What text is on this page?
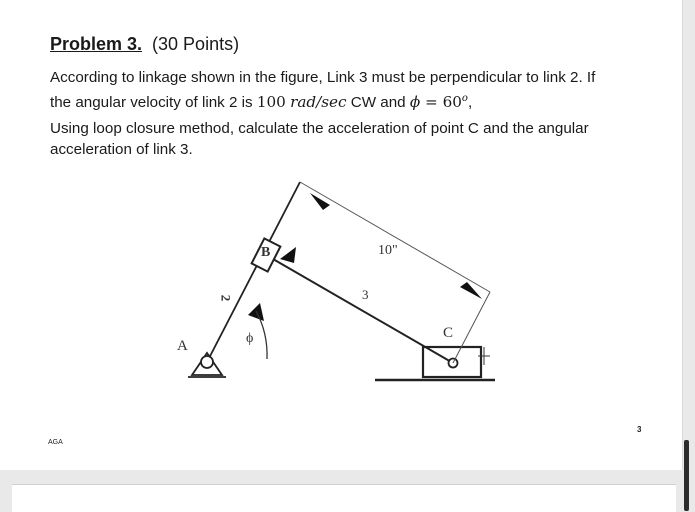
Problem 3. (30 Points)
According to linkage shown in the figure, Link 3 must be perpendicular to link 2. If
the angular velocity of link 2 is 100 rad/sec CW and $\phi = 60^o$,
Using loop closure method, calculate the acceleration of point C and the angular acceleration of link 3.
A
B
C
2	3
ϕ
10"
AGA
3
